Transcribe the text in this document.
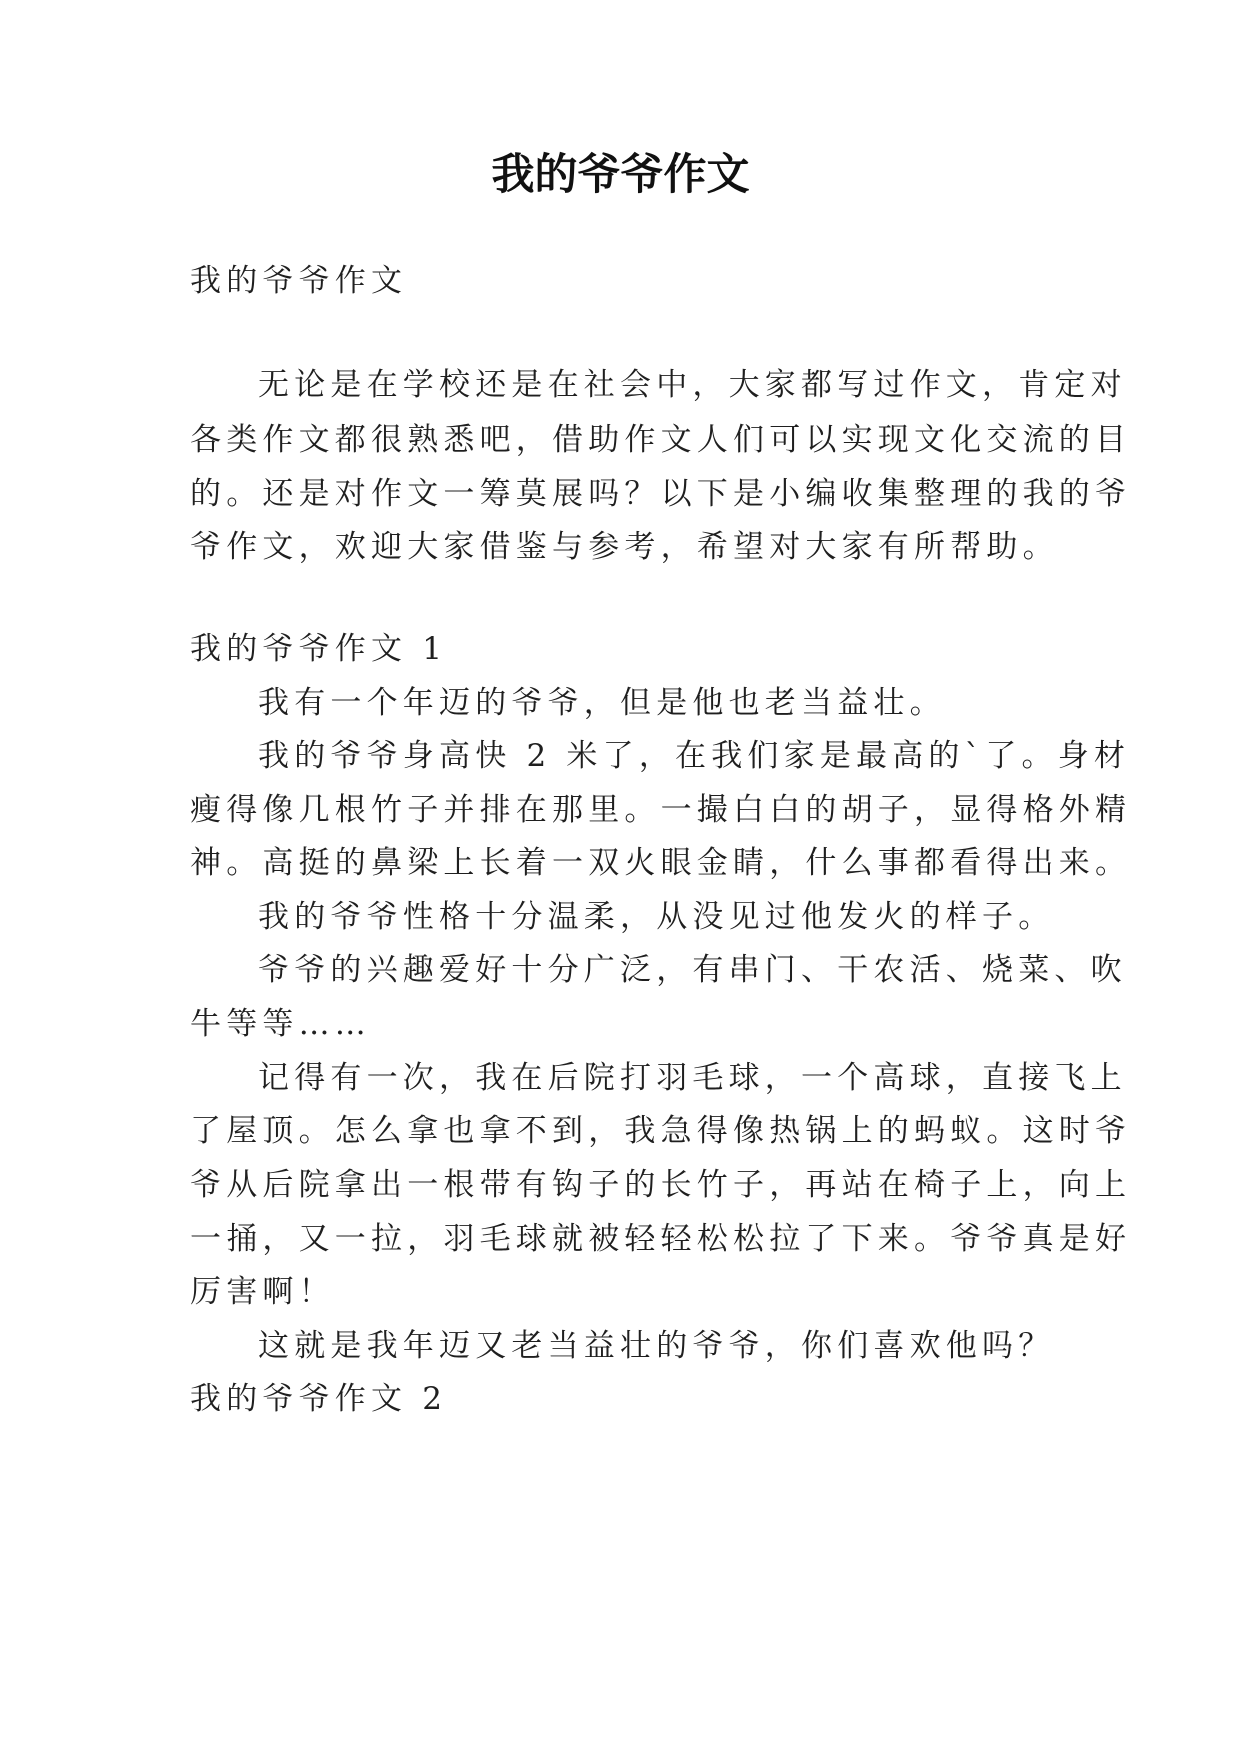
我的爷爷作文
我的爷爷作文
无论是在学校还是在社会中，大家都写过作文，肯定对
各类作文都很熟悉吧，借助作文人们可以实现文化交流的目
的。还是对作文一筹莫展吗？以下是小编收集整理的我的爷
爷作文，欢迎大家借鉴与参考，希望对大家有所帮助。
我的爷爷作文 1
我有一个年迈的爷爷，但是他也老当益壮。
我的爷爷身高快 2 米了，在我们家是最高的`了。身材
瘦得像几根竹子并排在那里。一撮白白的胡子，显得格外精
神。高挺的鼻梁上长着一双火眼金睛，什么事都看得出来。
我的爷爷性格十分温柔，从没见过他发火的样子。
爷爷的兴趣爱好十分广泛，有串门、干农活、烧菜、吹
牛等等……
记得有一次，我在后院打羽毛球，一个高球，直接飞上
了屋顶。怎么拿也拿不到，我急得像热锅上的蚂蚁。这时爷
爷从后院拿出一根带有钩子的长竹子，再站在椅子上，向上
一捅，又一拉，羽毛球就被轻轻松松拉了下来。爷爷真是好
厉害啊！
这就是我年迈又老当益壮的爷爷，你们喜欢他吗？
我的爷爷作文 2
